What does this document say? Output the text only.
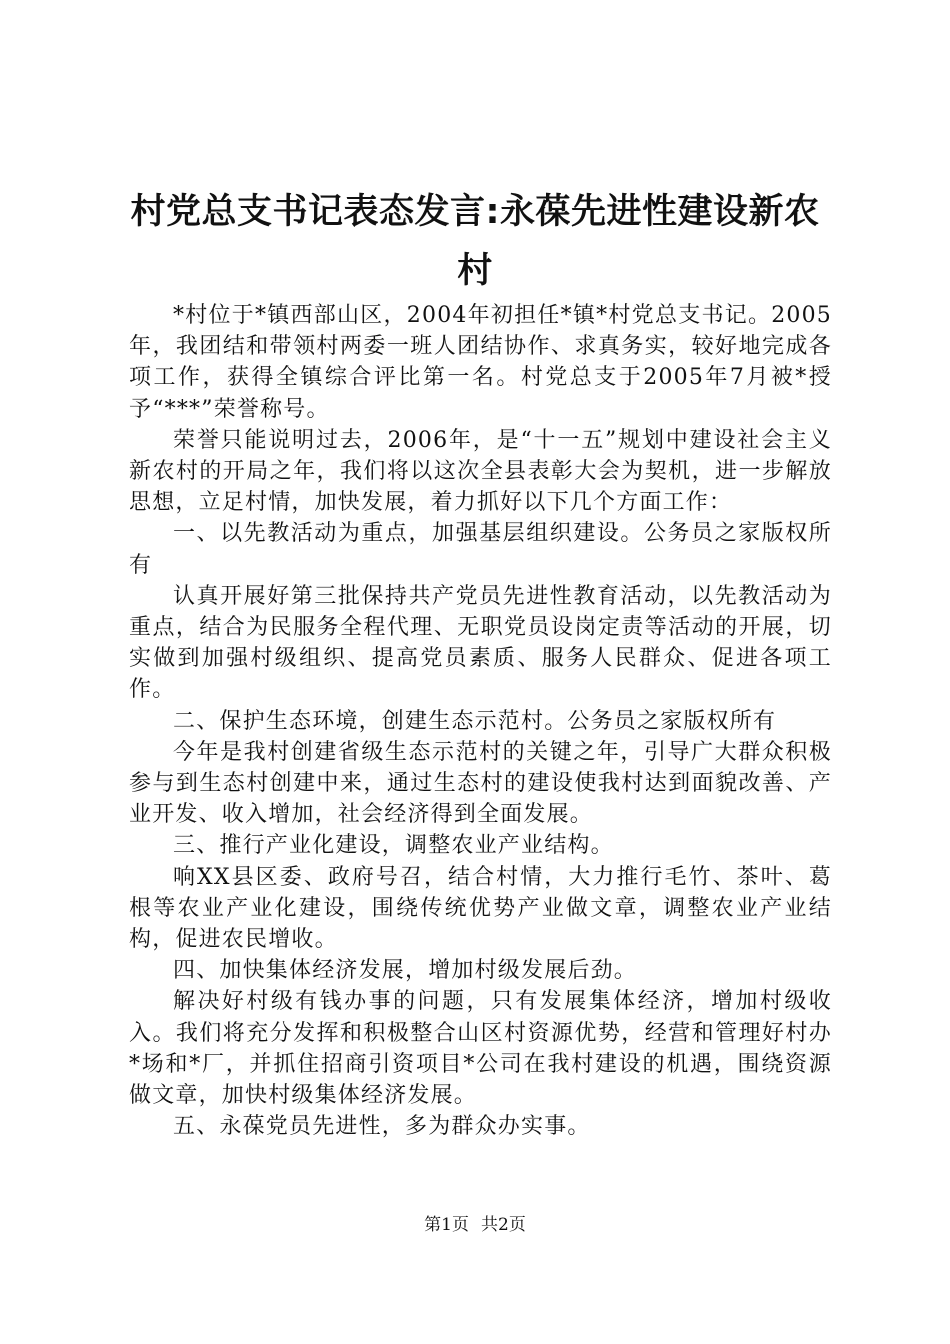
村党总支书记表态发言:永葆先进性建设新农村

*村位于*镇西部山区，2004年初担任*镇*村党总支书记。2005年，我团结和带领村两委一班人团结协作、求真务实，较好地完成各项工作，获得全镇综合评比第一名。村党总支于2005年7月被*授予“***”荣誉称号。

荣誉只能说明过去，2006年，是“十一五”规划中建设社会主义新农村的开局之年，我们将以这次全县表彰大会为契机，进一步解放思想，立足村情，加快发展，着力抓好以下几个方面工作：

一、以先教活动为重点，加强基层组织建设。公务员之家版权所有

认真开展好第三批保持共产党员先进性教育活动，以先教活动为重点，结合为民服务全程代理、无职党员设岗定责等活动的开展，切实做到加强村级组织、提高党员素质、服务人民群众、促进各项工作。

二、保护生态环境，创建生态示范村。公务员之家版权所有

今年是我村创建省级生态示范村的关键之年，引导广大群众积极参与到生态村创建中来，通过生态村的建设使我村达到面貌改善、产业开发、收入增加，社会经济得到全面发展。

三、推行产业化建设，调整农业产业结构。

响XX县区委、政府号召，结合村情，大力推行毛竹、茶叶、葛根等农业产业化建设，围绕传统优势产业做文章，调整农业产业结构，促进农民增收。

四、加快集体经济发展，增加村级发展后劲。

解决好村级有钱办事的问题，只有发展集体经济，增加村级收入。我们将充分发挥和积极整合山区村资源优势，经营和管理好村办*场和*厂，并抓住招商引资项目*公司在我村建设的机遇，围绕资源做文章，加快村级集体经济发展。

五、永葆党员先进性，多为群众办实事。

第1页 共2页
